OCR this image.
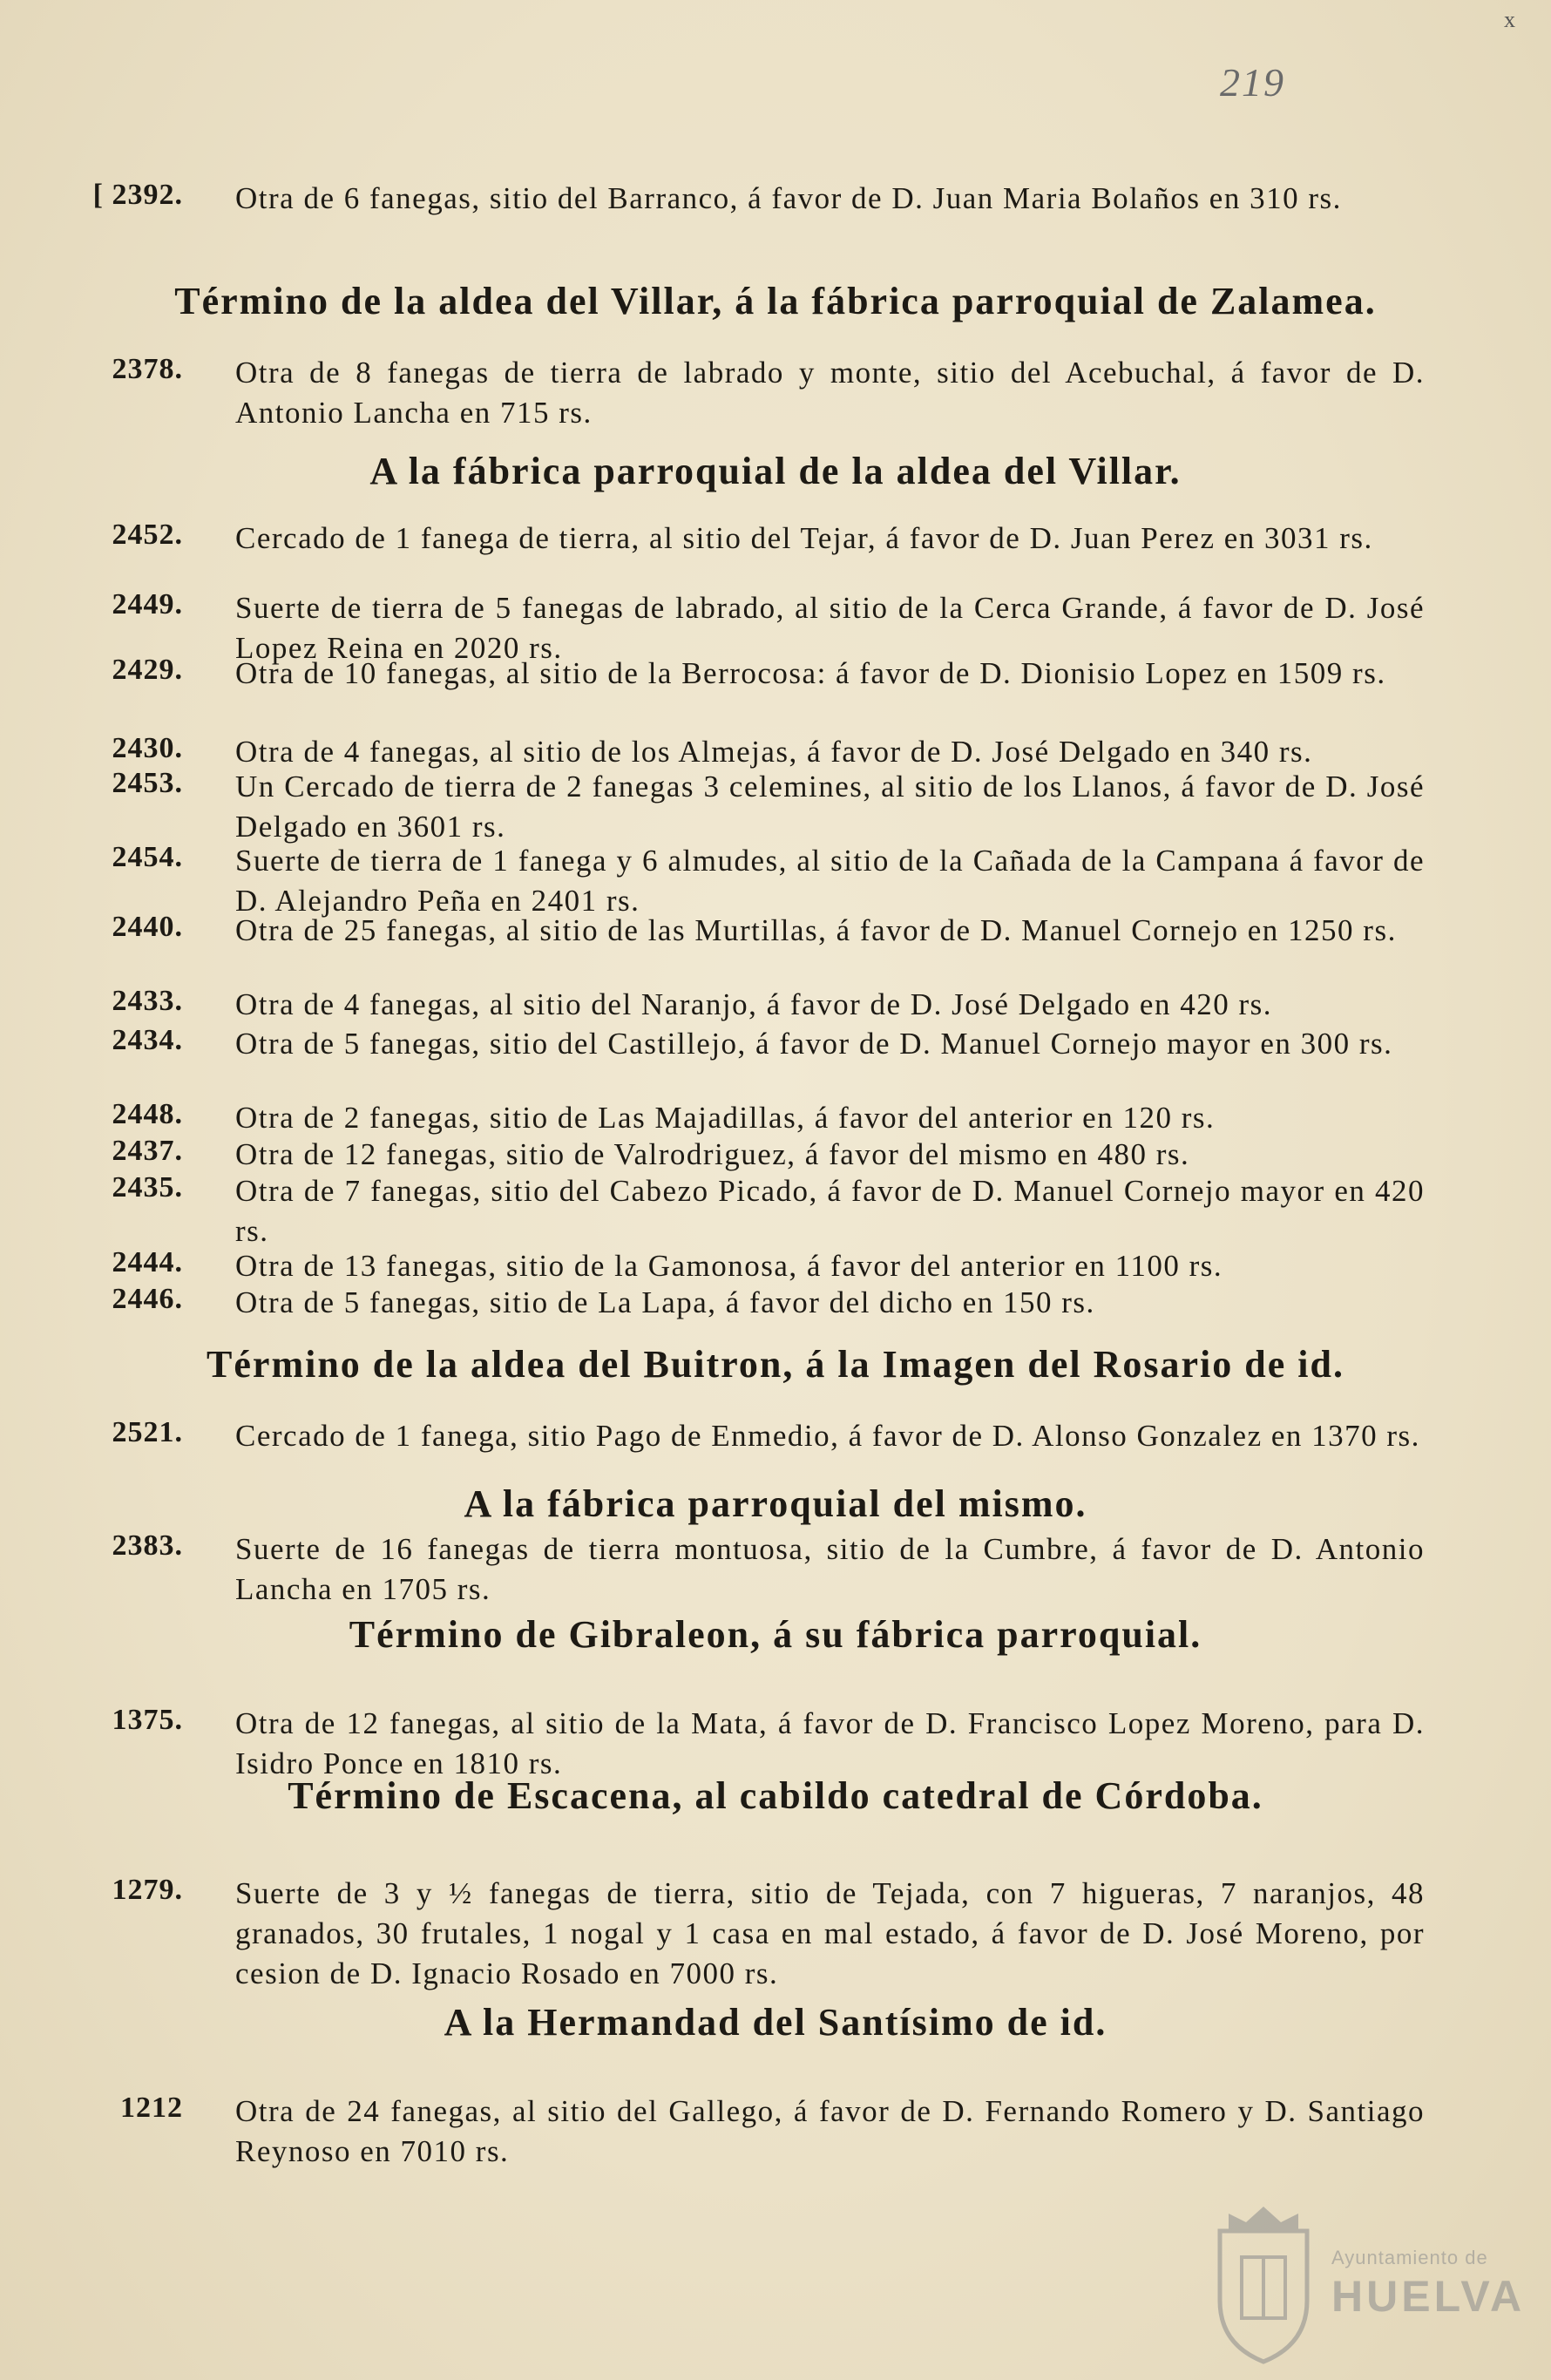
x
219
[ 2392. Otra de 6 fanegas, sitio del Barranco, á favor de D. Juan Maria Bolaños en 310 rs.
Término de la aldea del Villar, á la fábrica parroquial de Zalamea.
2378. Otra de 8 fanegas de tierra de labrado y monte, sitio del Acebuchal, á favor de D. Antonio Lancha en 715 rs.
A la fábrica parroquial de la aldea del Villar.
2452. Cercado de 1 fanega de tierra, al sitio del Tejar, á favor de D. Juan Perez en 3031 rs.
2449. Suerte de tierra de 5 fanegas de labrado, al sitio de la Cerca Grande, á favor de D. José Lopez Reina en 2020 rs.
2429. Otra de 10 fanegas, al sitio de la Berrocosa: á favor de D. Dionisio Lopez en 1509 rs.
2430. Otra de 4 fanegas, al sitio de los Almejas, á favor de D. José Delgado en 340 rs.
2453. Un Cercado de tierra de 2 fanegas 3 celemines, al sitio de los Llanos, á favor de D. José Delgado en 3601 rs.
2454. Suerte de tierra de 1 fanega y 6 almudes, al sitio de la Cañada de la Campana á favor de D. Alejandro Peña en 2401 rs.
2440. Otra de 25 fanegas, al sitio de las Murtillas, á favor de D. Manuel Cornejo en 1250 rs.
2433. Otra de 4 fanegas, al sitio del Naranjo, á favor de D. José Delgado en 420 rs.
2434. Otra de 5 fanegas, sitio del Castillejo, á favor de D. Manuel Cornejo mayor en 300 rs.
2448. Otra de 2 fanegas, sitio de Las Majadillas, á favor del anterior en 120 rs.
2437. Otra de 12 fanegas, sitio de Valrodriguez, á favor del mismo en 480 rs.
2435. Otra de 7 fanegas, sitio del Cabezo Picado, á favor de D. Manuel Cornejo mayor en 420 rs.
2444. Otra de 13 fanegas, sitio de la Gamonosa, á favor del anterior en 1100 rs.
2446. Otra de 5 fanegas, sitio de La Lapa, á favor del dicho en 150 rs.
Término de la aldea del Buitron, á la Imagen del Rosario de id.
2521. Cercado de 1 fanega, sitio Pago de Enmedio, á favor de D. Alonso Gonzalez en 1370 rs.
A la fábrica parroquial del mismo.
2383. Suerte de 16 fanegas de tierra montuosa, sitio de la Cumbre, á favor de D. Antonio Lancha en 1705 rs.
Término de Gibraleon, á su fábrica parroquial.
1375. Otra de 12 fanegas, al sitio de la Mata, á favor de D. Francisco Lopez Moreno, para D. Isidro Ponce en 1810 rs.
Término de Escacena, al cabildo catedral de Córdoba.
1279. Suerte de 3 y ½ fanegas de tierra, sitio de Tejada, con 7 higueras, 7 naranjos, 48 granados, 30 frutales, 1 nogal y 1 casa en mal estado, á favor de D. José Moreno, por cesion de D. Ignacio Rosado en 7000 rs.
A la Hermandad del Santísimo de id.
1212 Otra de 24 fanegas, al sitio del Gallego, á favor de D. Fernando Romero y D. Santiago Reynoso en 7010 rs.
Ayuntamiento de
HUELVA
